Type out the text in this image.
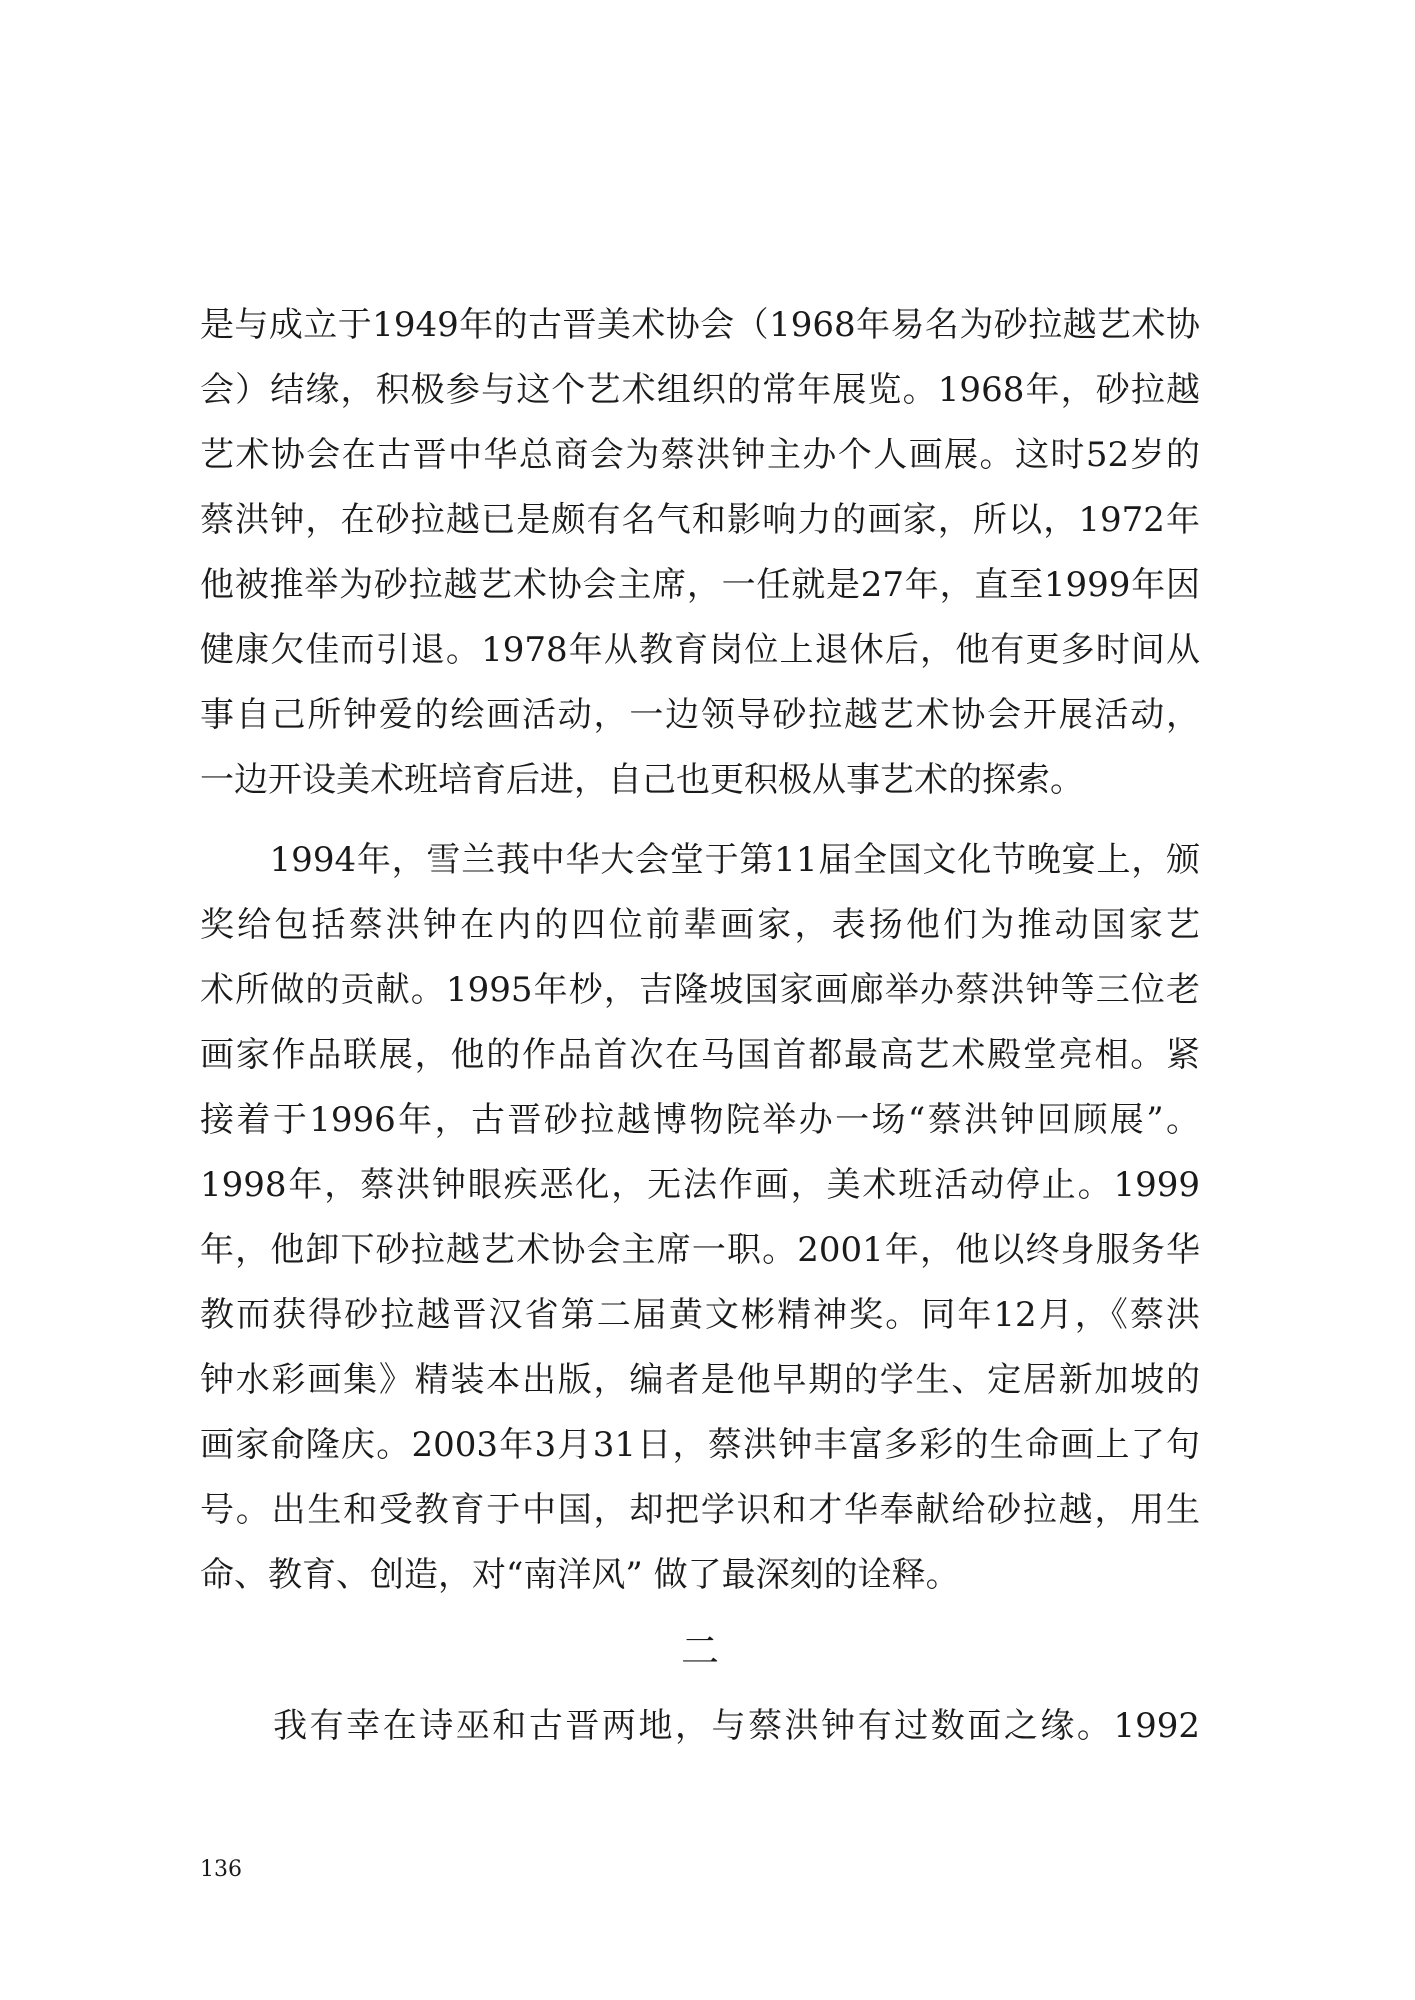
是与成立于1949年的古晋美术协会（1968年易名为砂拉越艺术协
会）结缘，积极参与这个艺术组织的常年展览。1968年，砂拉越
艺术协会在古晋中华总商会为蔡洪钟主办个人画展。这时52岁的
蔡洪钟，在砂拉越已是颇有名气和影响力的画家，所以，1972年
他被推举为砂拉越艺术协会主席，一任就是27年，直至1999年因
健康欠佳而引退。1978年从教育岗位上退休后，他有更多时间从
事自己所钟爱的绘画活动，一边领导砂拉越艺术协会开展活动，
一边开设美术班培育后进，自己也更积极从事艺术的探索。
　　1994年，雪兰莪中华大会堂于第11届全国文化节晚宴上，颁
奖给包括蔡洪钟在内的四位前辈画家，表扬他们为推动国家艺
术所做的贡献。1995年杪，吉隆坡国家画廊举办蔡洪钟等三位老
画家作品联展，他的作品首次在马国首都最高艺术殿堂亮相。紧
接着于1996年，古晋砂拉越博物院举办一场“蔡洪钟回顾展”。
1998年，蔡洪钟眼疾恶化，无法作画，美术班活动停止。1999
年，他卸下砂拉越艺术协会主席一职。2001年，他以终身服务华
教而获得砂拉越晋汉省第二届黄文彬精神奖。同年12月，《蔡洪
钟水彩画集》精装本出版，编者是他早期的学生、定居新加坡的
画家俞隆庆。2003年3月31日，蔡洪钟丰富多彩的生命画上了句
号。出生和受教育于中国，却把学识和才华奉献给砂拉越，用生
命、教育、创造，对“南洋风” 做了最深刻的诠释。
二
　　我有幸在诗巫和古晋两地，与蔡洪钟有过数面之缘。1992
136
